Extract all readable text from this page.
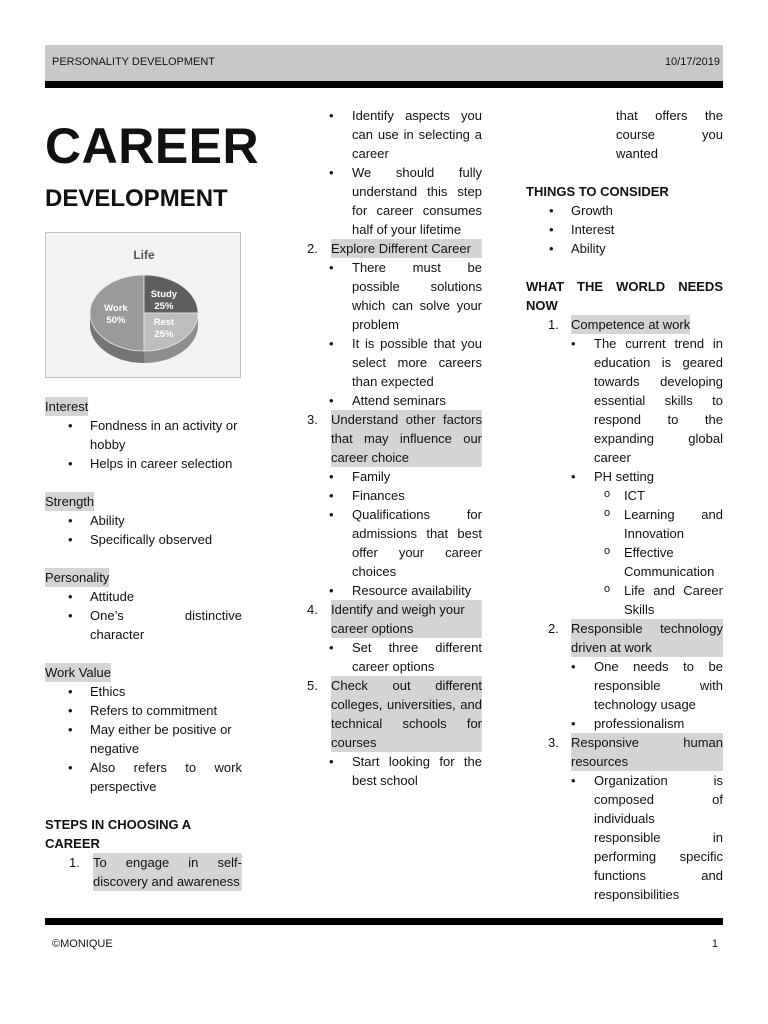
PERSONALITY DEVELOPMENT	10/17/2019
CAREER
DEVELOPMENT
Life
Work 50%
Study 25%
Rest 25%
Interest
• Fondness in an activity or hobby
• Helps in career selection
Strength
• Ability
• Specifically observed
Personality
• Attitude
• One’s distinctive character
Work Value
• Ethics
• Refers to commitment
• May either be positive or negative
• Also refers to work perspective
STEPS IN CHOOSING A CAREER
1. To engage in self-discovery and awareness
• Identify aspects you can use in selecting a career
• We should fully understand this step for career consumes half of your lifetime
2. Explore Different Career
• There must be possible solutions which can solve your problem
• It is possible that you select more careers than expected
• Attend seminars
3. Understand other factors that may influence our career choice
• Family
• Finances
• Qualifications for admissions that best offer your career choices
• Resource availability
4. Identify and weigh your career options
• Set three different career options
5. Check out different colleges, universities, and technical schools for courses
• Start looking for the best school
that offers the course you wanted
THINGS TO CONSIDER
• Growth
• Interest
• Ability
WHAT THE WORLD NEEDS NOW
1. Competence at work
• The current trend in education is geared towards developing essential skills to respond to the expanding global career
• PH setting
o ICT
o Learning and Innovation
o Effective Communication
o Life and Career Skills
2. Responsible technology driven at work
• One needs to be responsible with technology usage
• professionalism
3. Responsive human resources
• Organization is composed of individuals responsible in performing specific functions and responsibilities
©MONIQUE	1
